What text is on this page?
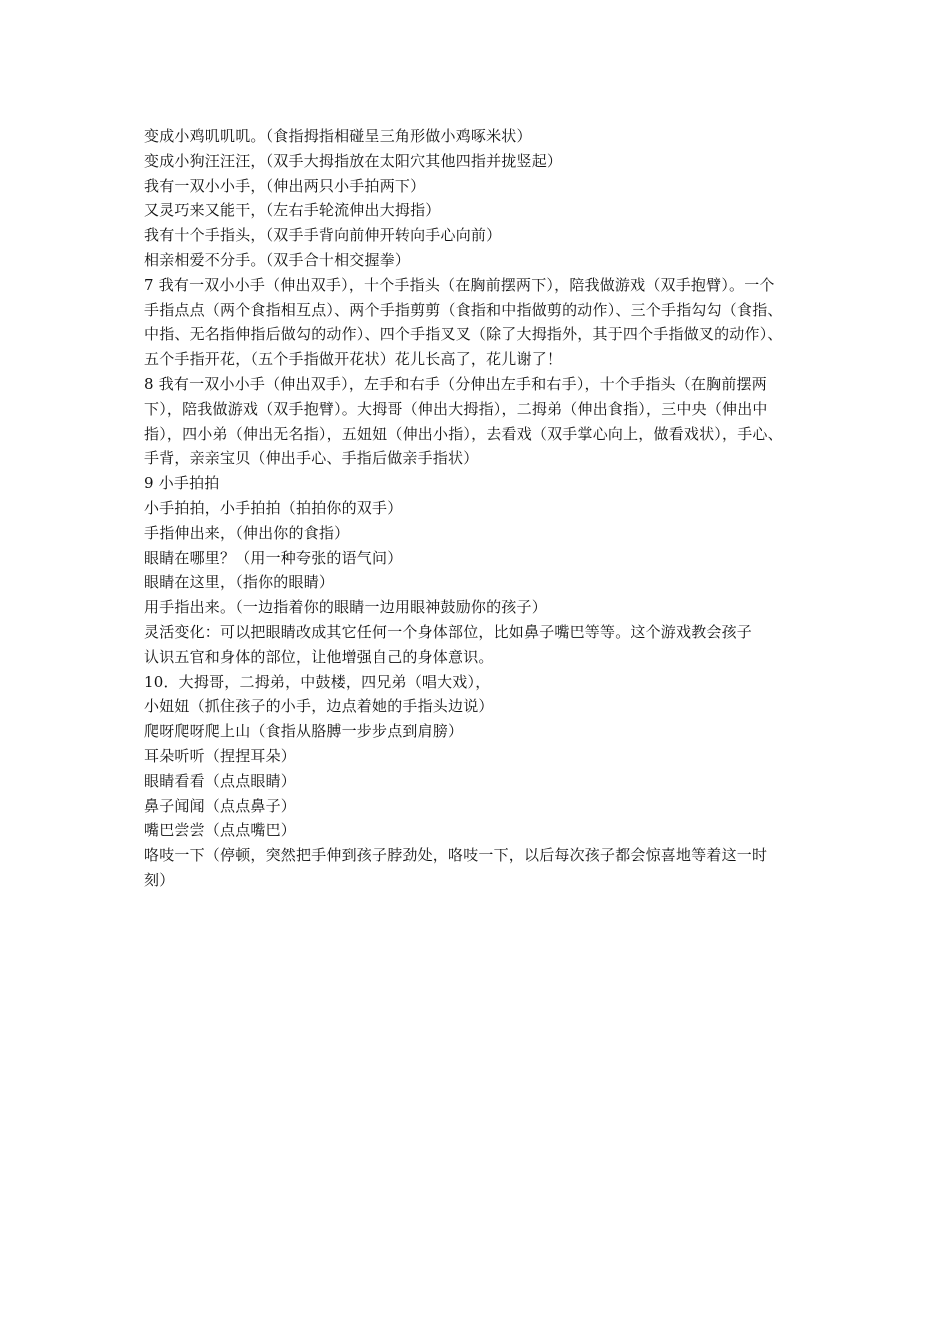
变成小鸡叽叽叽。（食指拇指相碰呈三角形做小鸡啄米状）
变成小狗汪汪汪，（双手大拇指放在太阳穴其他四指并拢竖起）
我有一双小小手，（伸出两只小手拍两下）
又灵巧来又能干，（左右手轮流伸出大拇指）
我有十个手指头，（双手手背向前伸开转向手心向前）
相亲相爱不分手。（双手合十相交握拳）
7 我有一双小小手（伸出双手），十个手指头（在胸前摆两下），陪我做游戏（双手抱臂）。一个
手指点点（两个食指相互点）、两个手指剪剪（食指和中指做剪的动作）、三个手指勾勾（食指、
中指、无名指伸指后做勾的动作）、四个手指叉叉（除了大拇指外，其于四个手指做叉的动作）、
五个手指开花，（五个手指做开花状）花儿长高了，花儿谢了！
8 我有一双小小手（伸出双手），左手和右手（分伸出左手和右手），十个手指头（在胸前摆两
下），陪我做游戏（双手抱臂）。大拇哥（伸出大拇指），二拇弟（伸出食指），三中央（伸出中
指），四小弟（伸出无名指），五妞妞（伸出小指），去看戏（双手掌心向上，做看戏状），手心、
手背，亲亲宝贝（伸出手心、手指后做亲手指状）
9 小手拍拍
小手拍拍，小手拍拍（拍拍你的双手）
手指伸出来，（伸出你的食指）
眼睛在哪里？（用一种夸张的语气问）
眼睛在这里，（指你的眼睛）
用手指出来。（一边指着你的眼睛一边用眼神鼓励你的孩子）
灵活变化：可以把眼睛改成其它任何一个身体部位，比如鼻子嘴巴等等。这个游戏教会孩子
认识五官和身体的部位，让他增强自己的身体意识。
10．大拇哥，二拇弟，中鼓楼，四兄弟（唱大戏），
小妞妞（抓住孩子的小手，边点着她的手指头边说）
爬呀爬呀爬上山（食指从胳膊一步步点到肩膀）
耳朵听听（捏捏耳朵）
眼睛看看（点点眼睛）
鼻子闻闻（点点鼻子）
嘴巴尝尝（点点嘴巴）
咯吱一下（停顿，突然把手伸到孩子脖劲处，咯吱一下，以后每次孩子都会惊喜地等着这一时
刻）
